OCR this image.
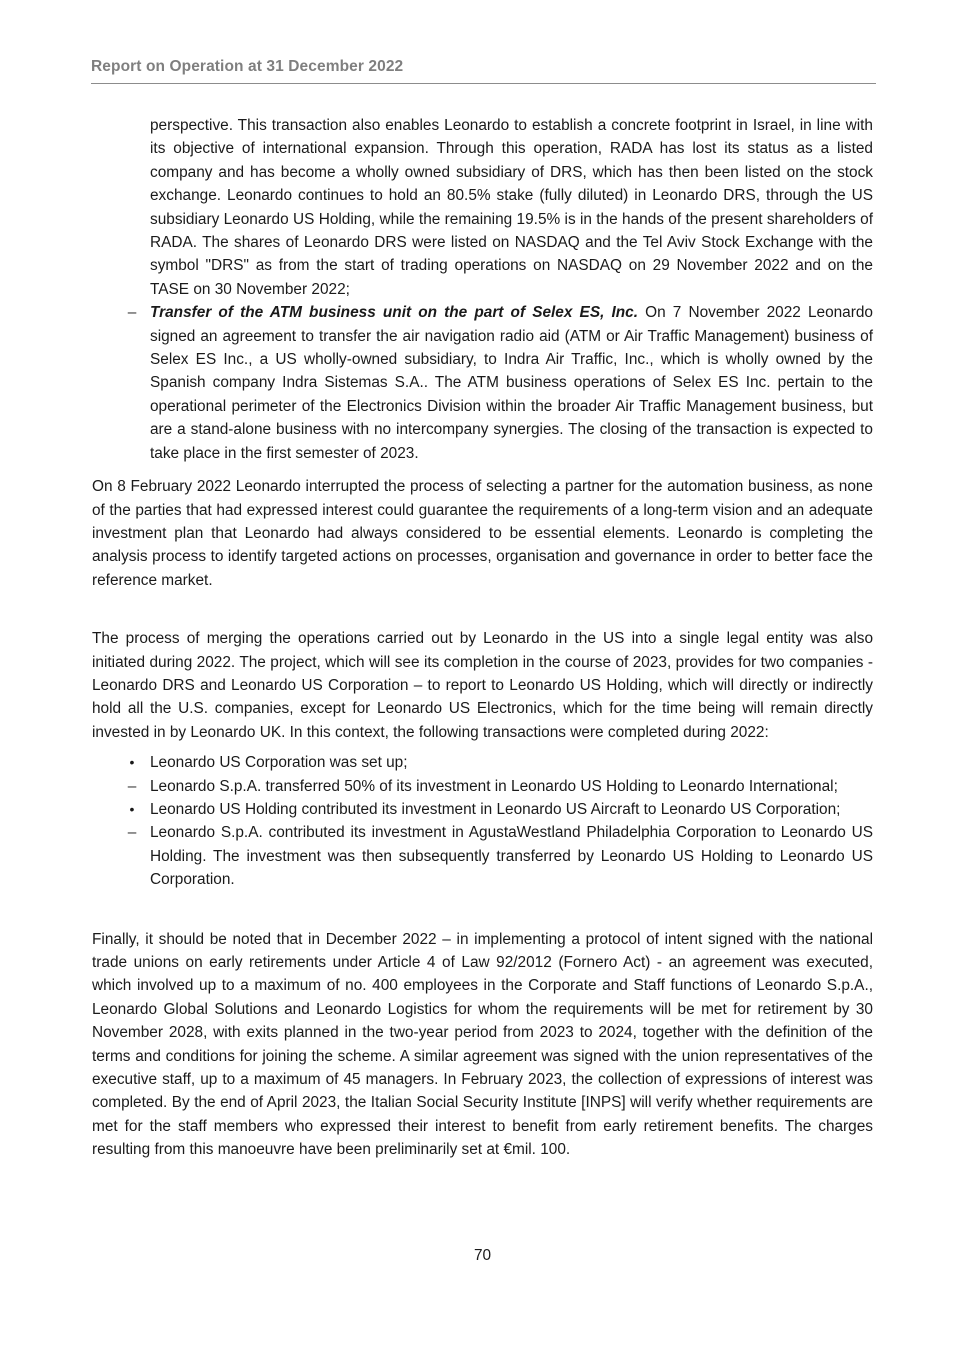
Report on Operation at 31 December 2022

perspective. This transaction also enables Leonardo to establish a concrete footprint in Israel, in line with its objective of international expansion. Through this operation, RADA has lost its status as a listed company and has become a wholly owned subsidiary of DRS, which has then been listed on the stock exchange. Leonardo continues to hold an 80.5% stake (fully diluted) in Leonardo DRS, through the US subsidiary Leonardo US Holding, while the remaining 19.5% is in the hands of the present shareholders of RADA. The shares of Leonardo DRS were listed on NASDAQ and the Tel Aviv Stock Exchange with the symbol "DRS" as from the start of trading operations on NASDAQ on 29 November 2022 and on the TASE on 30 November 2022;

– Transfer of the ATM business unit on the part of Selex ES, Inc. On 7 November 2022 Leonardo signed an agreement to transfer the air navigation radio aid (ATM or Air Traffic Management) business of Selex ES Inc., a US wholly-owned subsidiary, to Indra Air Traffic, Inc., which is wholly owned by the Spanish company Indra Sistemas S.A.. The ATM business operations of Selex ES Inc. pertain to the operational perimeter of the Electronics Division within the broader Air Traffic Management business, but are a stand-alone business with no intercompany synergies. The closing of the transaction is expected to take place in the first semester of 2023.

On 8 February 2022 Leonardo interrupted the process of selecting a partner for the automation business, as none of the parties that had expressed interest could guarantee the requirements of a long-term vision and an adequate investment plan that Leonardo had always considered to be essential elements. Leonardo is completing the analysis process to identify targeted actions on processes, organisation and governance in order to better face the reference market.

The process of merging the operations carried out by Leonardo in the US into a single legal entity was also initiated during 2022. The project, which will see its completion in the course of 2023, provides for two companies - Leonardo DRS and Leonardo US Corporation – to report to Leonardo US Holding, which will directly or indirectly hold all the U.S. companies, except for Leonardo US Electronics, which for the time being will remain directly invested in by Leonardo UK. In this context, the following transactions were completed during 2022:

•	Leonardo US Corporation was set up;
– Leonardo S.p.A. transferred 50% of its investment in Leonardo US Holding to Leonardo International;
•	Leonardo US Holding contributed its investment in Leonardo US Aircraft to Leonardo US Corporation;
– Leonardo S.p.A. contributed its investment in AgustaWestland Philadelphia Corporation to Leonardo US Holding. The investment was then subsequently transferred by Leonardo US Holding to Leonardo US Corporation.

Finally, it should be noted that in December 2022 – in implementing a protocol of intent signed with the national trade unions on early retirements under Article 4 of Law 92/2012 (Fornero Act) - an agreement was executed, which involved up to a maximum of no. 400 employees in the Corporate and Staff functions of Leonardo S.p.A., Leonardo Global Solutions and Leonardo Logistics for whom the requirements will be met for retirement by 30 November 2028, with exits planned in the two-year period from 2023 to 2024, together with the definition of the terms and conditions for joining the scheme. A similar agreement was signed with the union representatives of the executive staff, up to a maximum of 45 managers. In February 2023, the collection of expressions of interest was completed. By the end of April 2023, the Italian Social Security Institute [INPS] will verify whether requirements are met for the staff members who expressed their interest to benefit from early retirement benefits. The charges resulting from this manoeuvre have been preliminarily set at €mil. 100.

70
